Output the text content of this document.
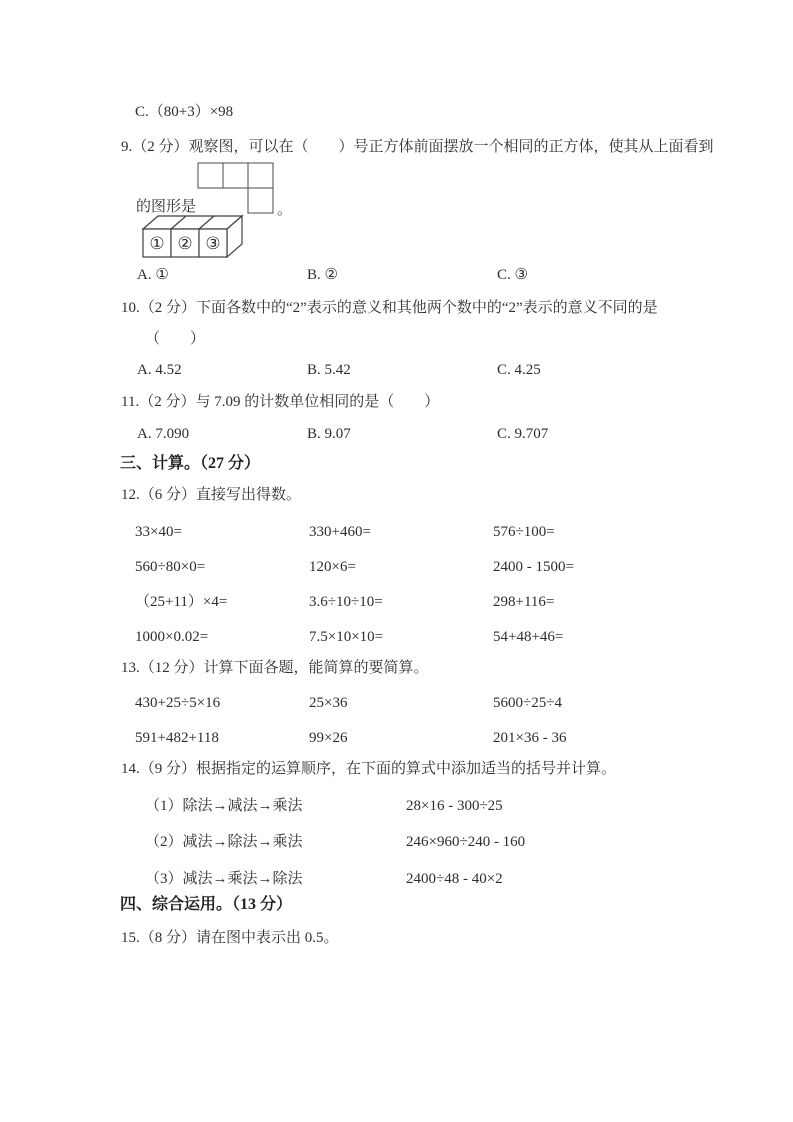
C.（80+3）×98
9.（2 分）观察图，可以在（　　）号正方体前面摆放一个相同的正方体，使其从上面看到
的图形是	。
① ② ③
A. ①	B. ②	C. ③
10.（2 分）下面各数中的“2”表示的意义和其他两个数中的“2”表示的意义不同的是
（　　）
A. 4.52	B. 5.42	C. 4.25
11.（2 分）与 7.09 的计数单位相同的是（　　）
A. 7.090	B. 9.07	C. 9.707
三、计算。（27 分）
12.（6 分）直接写出得数。
33×40=	330+460=	576÷100=
560÷80×0=	120×6=	2400 - 1500=
（25+11）×4=	3.6÷10÷10=	298+116=
1000×0.02=	7.5×10×10=	54+48+46=
13.（12 分）计算下面各题，能简算的要简算。
430+25÷5×16	25×36	5600÷25÷4
591+482+118	99×26	201×36 - 36
14.（9 分）根据指定的运算顺序，在下面的算式中添加适当的括号并计算。
（1）除法→减法→乘法	28×16 - 300÷25
（2）减法→除法→乘法	246×960÷240 - 160
（3）减法→乘法→除法	2400÷48 - 40×2
四、综合运用。（13 分）
15.（8 分）请在图中表示出 0.5。
